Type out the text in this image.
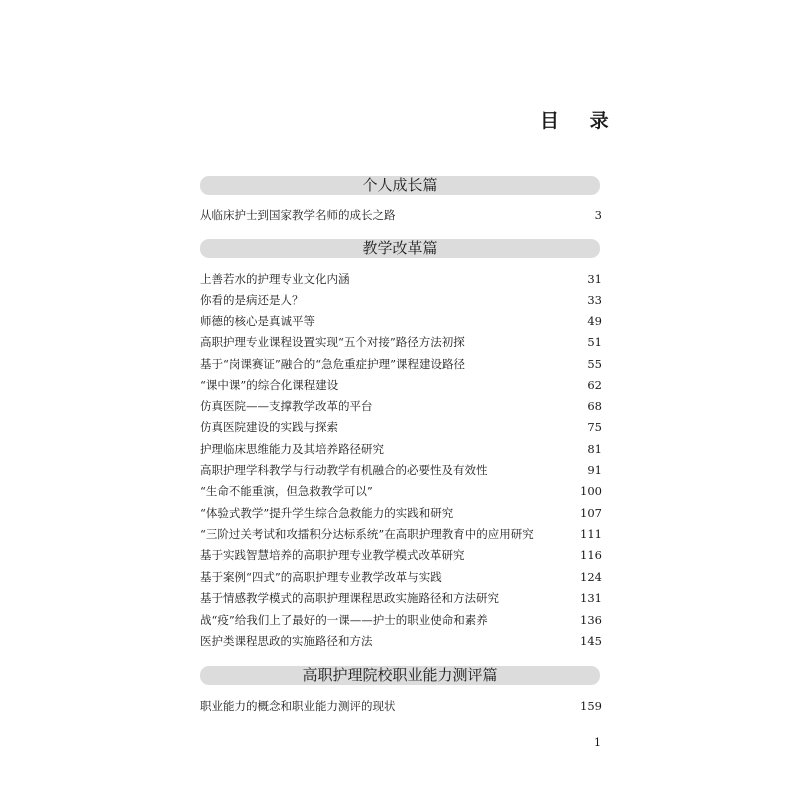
目 录
个人成长篇
从临床护士到国家教学名师的成长之路	3
教学改革篇
上善若水的护理专业文化内涵	31
你看的是病还是人？	33
师德的核心是真诚平等	49
高职护理专业课程设置实现“五个对接”路径方法初探	51
基于“岗课赛证”融合的“急危重症护理”课程建设路径	55
“课中课”的综合化课程建设	62
仿真医院——支撑教学改革的平台	68
仿真医院建设的实践与探索	75
护理临床思维能力及其培养路径研究	81
高职护理学科教学与行动教学有机融合的必要性及有效性	91
“生命不能重演，但急救教学可以”	100
“体验式教学”提升学生综合急救能力的实践和研究	107
“三阶过关考试和攻擂积分达标系统”在高职护理教育中的应用研究	111
基于实践智慧培养的高职护理专业教学模式改革研究	116
基于案例“四式”的高职护理专业教学改革与实践	124
基于情感教学模式的高职护理课程思政实施路径和方法研究	131
战“疫”给我们上了最好的一课——护士的职业使命和素养	136
医护类课程思政的实施路径和方法	145
高职护理院校职业能力测评篇
职业能力的概念和职业能力测评的现状	159
1
